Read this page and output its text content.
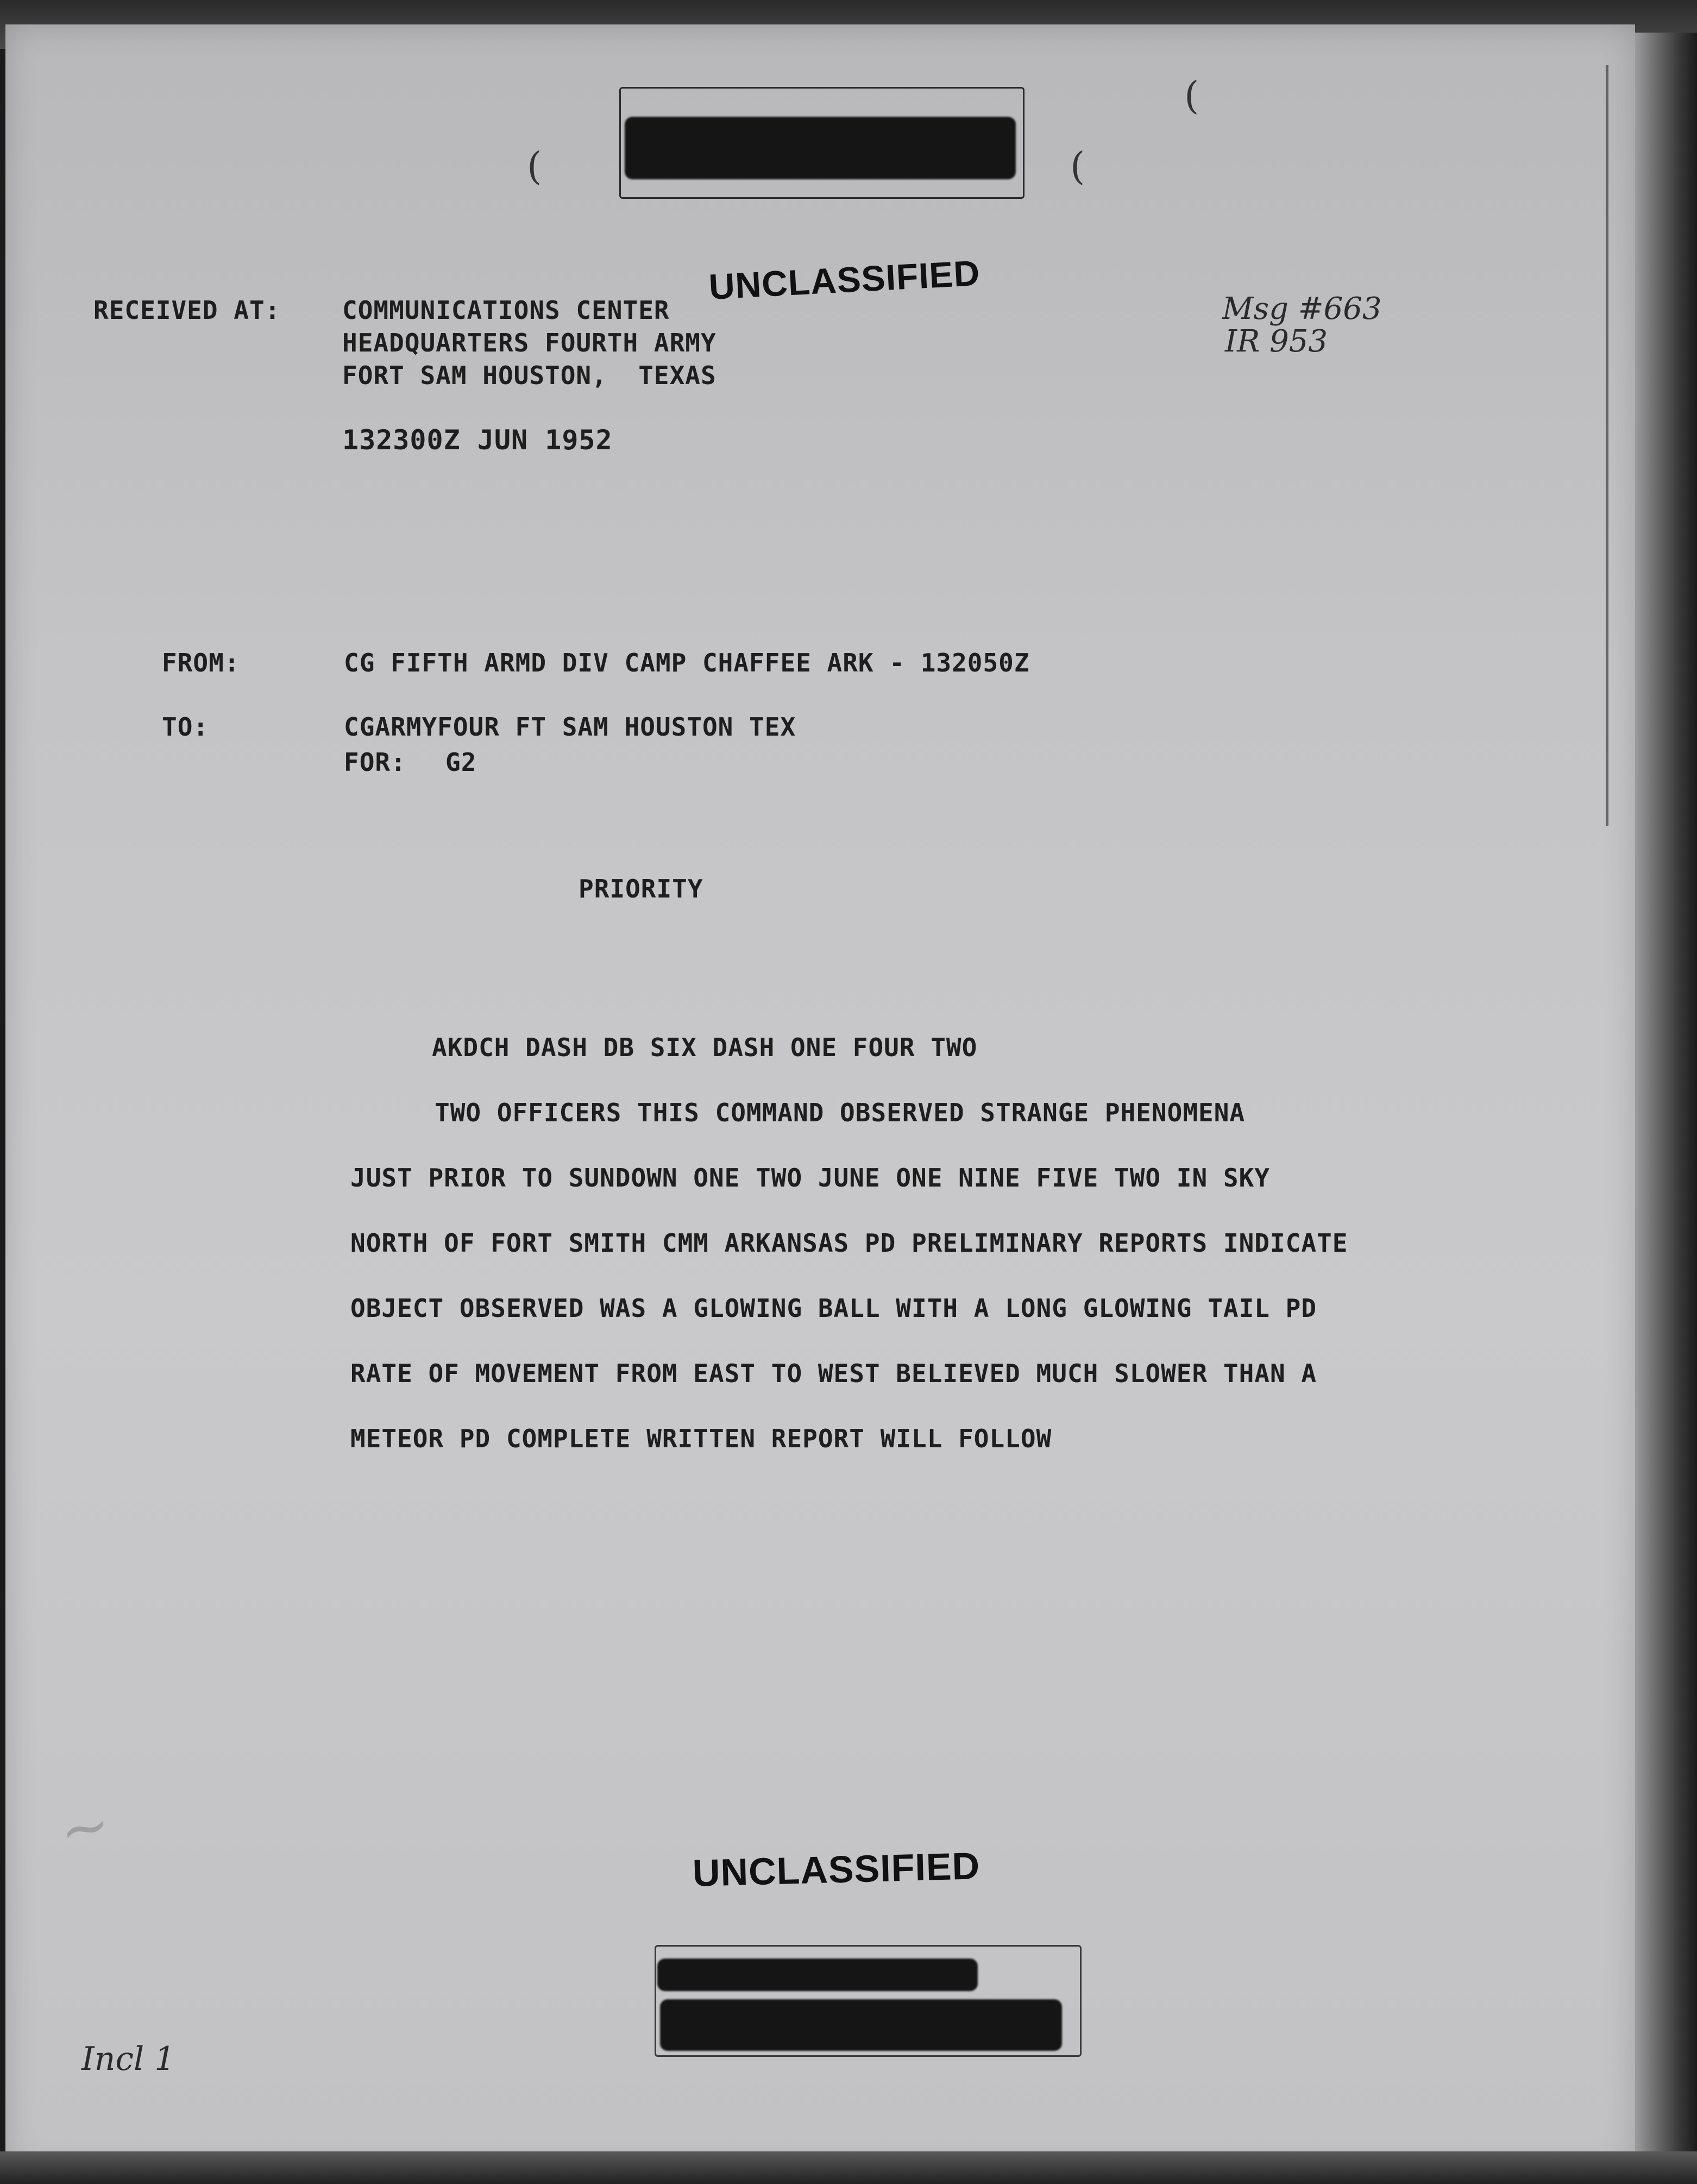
(	(
(
RECEIVED AT: COMMUNICATIONS CENTER
HEADQUARTERS FOURTH ARMY
FORT SAM HOUSTON,  TEXAS
132300Z JUN 1952
UNCLASSIFIED
Msg #663
IR 953
FROM:	CG FIFTH ARMD DIV CAMP CHAFFEE ARK - 132050Z
TO:	CGARMYFOUR FT SAM HOUSTON TEX
FOR: G2
PRIORITY
AKDCH DASH DB SIX DASH ONE FOUR TWO
TWO OFFICERS THIS COMMAND OBSERVED STRANGE PHENOMENA
JUST PRIOR TO SUNDOWN ONE TWO JUNE ONE NINE FIVE TWO IN SKY
NORTH OF FORT SMITH CMM ARKANSAS PD PRELIMINARY REPORTS INDICATE
OBJECT OBSERVED WAS A GLOWING BALL WITH A LONG GLOWING TAIL PD
RATE OF MOVEMENT FROM EAST TO WEST BELIEVED MUCH SLOWER THAN A
METEOR PD COMPLETE WRITTEN REPORT WILL FOLLOW
UNCLASSIFIED
~
Incl 1
